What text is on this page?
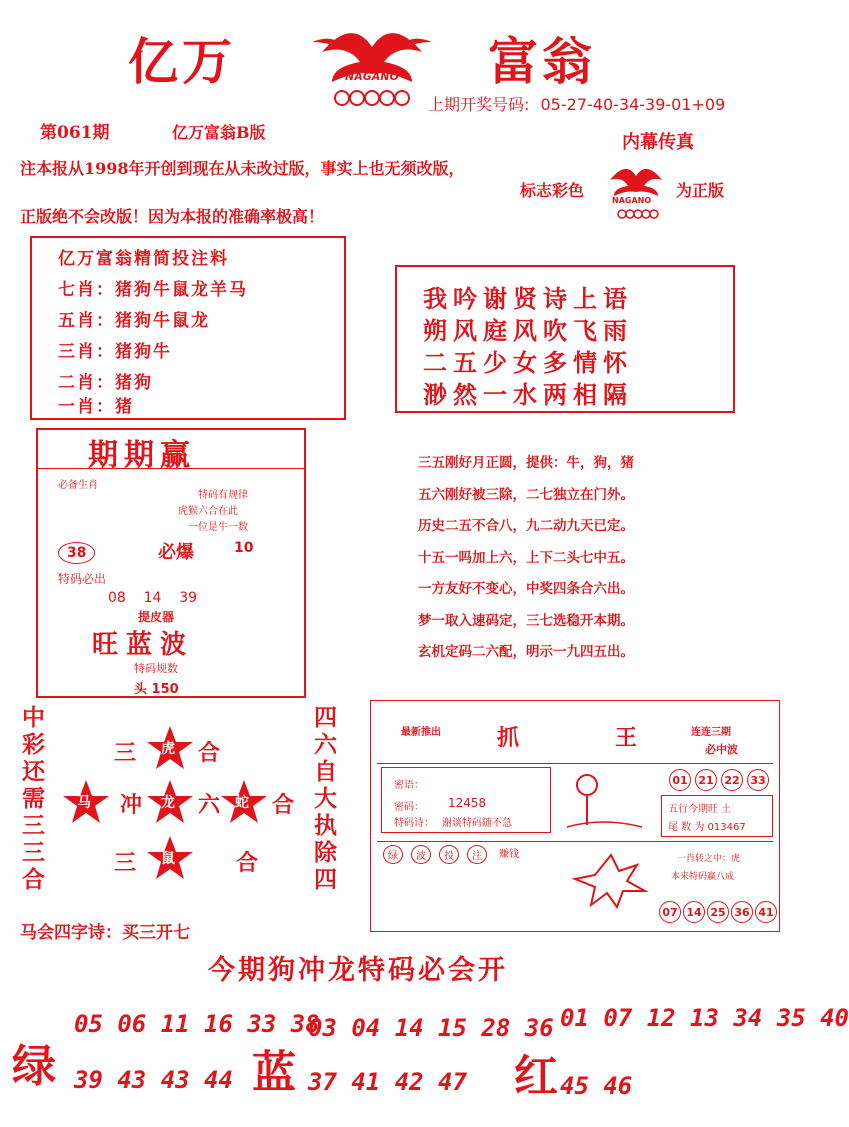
亿万	NAGANO 富翁
上期开奖号码: 05-27-40-34-39-01+09
第061期	亿万富翁B版	内幕传真
注本报从1998年开创到现在从未改过版，事实上也无须改版，
标志彩色
NAGANO
为正版
正版绝不会改版！因为本报的准确率极高！
亿万富翁精简投注料
七肖：猪狗牛鼠龙羊马
五肖：猪狗牛鼠龙
三肖：猪狗牛
二肖：猪狗
一肖：猪
我吟谢贤诗上语
朔风庭风吹飞雨
二五少女多情怀
渺然一水两相隔
期期赢
必备生肖
特码有规律
虎猴六合在此
一位是牛一数
38	必爆	10
特码必出
08    14    39
提皮器
旺蓝波
特码规数
头 150
三五刚好月正圆，提供：牛，狗，猪
五六刚好被三除，二七独立在门外。
历史二五不合八，九二动九天已定。
十五一吗加上六，上下二头七中五。
一方友好不变心，中奖四条合六出。
梦一取入速码定，三七选稳开本期。
玄机定码二六配，明示一九四五出。
中彩还需三三合	四六自大执除四
三 虎 合
马 冲 龙 六 蛇 合
三 鼠	合
最新推出	抓	王	连连三期
必中波
密语：
密码： 12458
特码诗： 谢谈特码随不急
01 21 22 33
五行今期旺 土
尾 数 为 013467
绿	波	投	注	赚钱	一肖转之中：虎
本来特码赢八成
07 14 25 36 41
马会四字诗：买三开七
今期狗冲龙特码必会开
绿
05 06 11 16 33 38
39 43 43 44 蓝
03 04 14 15 28 36
37 41 42 47 红
01 07 12 13 34 35 40
45 46
